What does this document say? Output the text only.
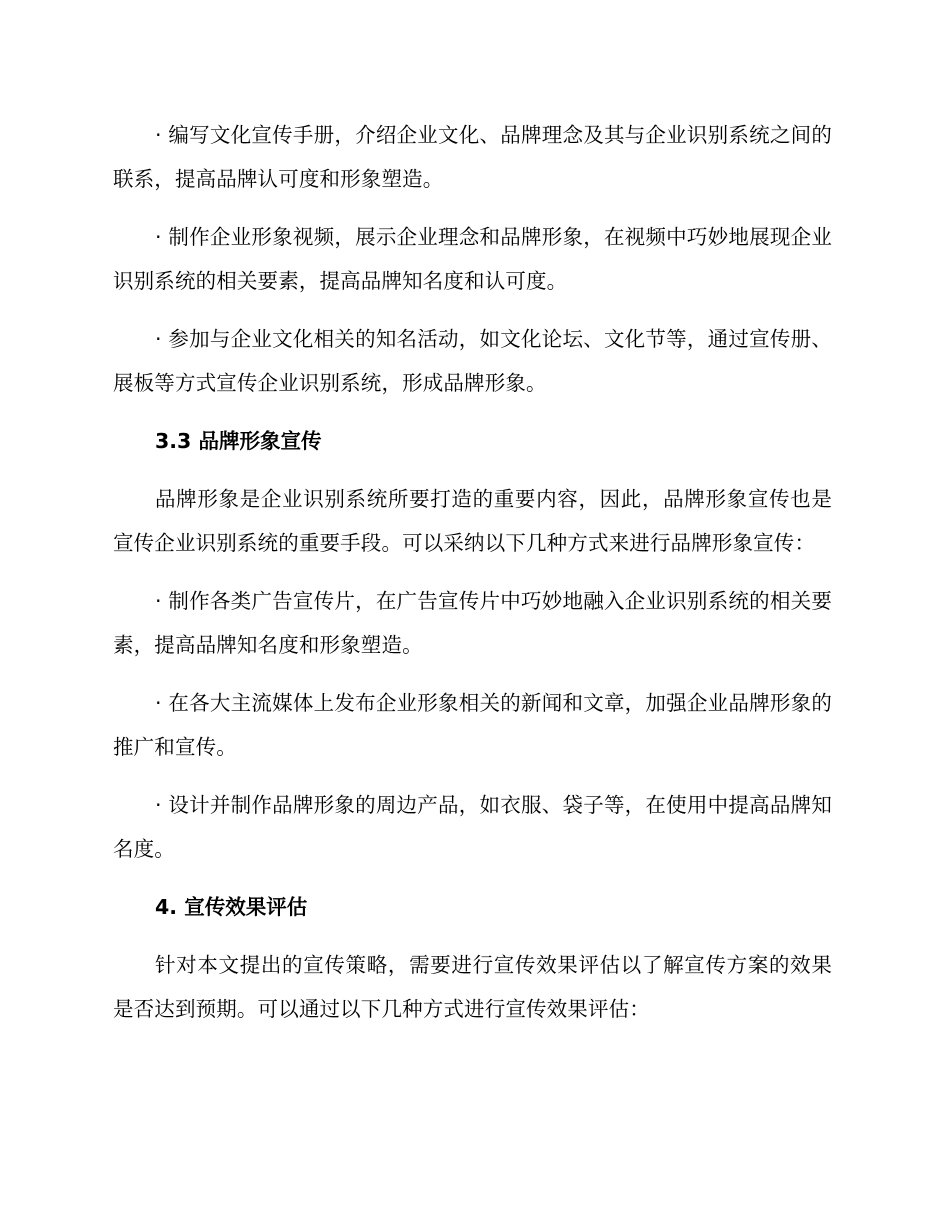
· 编写文化宣传手册，介绍企业文化、品牌理念及其与企业识别系统之间的联系，提高品牌认可度和形象塑造。

· 制作企业形象视频，展示企业理念和品牌形象，在视频中巧妙地展现企业识别系统的相关要素，提高品牌知名度和认可度。

· 参加与企业文化相关的知名活动，如文化论坛、文化节等，通过宣传册、展板等方式宣传企业识别系统，形成品牌形象。

3.3 品牌形象宣传

品牌形象是企业识别系统所要打造的重要内容，因此，品牌形象宣传也是宣传企业识别系统的重要手段。可以采纳以下几种方式来进行品牌形象宣传：

· 制作各类广告宣传片，在广告宣传片中巧妙地融入企业识别系统的相关要素，提高品牌知名度和形象塑造。

· 在各大主流媒体上发布企业形象相关的新闻和文章，加强企业品牌形象的推广和宣传。

· 设计并制作品牌形象的周边产品，如衣服、袋子等，在使用中提高品牌知名度。

4. 宣传效果评估

针对本文提出的宣传策略，需要进行宣传效果评估以了解宣传方案的效果是否达到预期。可以通过以下几种方式进行宣传效果评估：
